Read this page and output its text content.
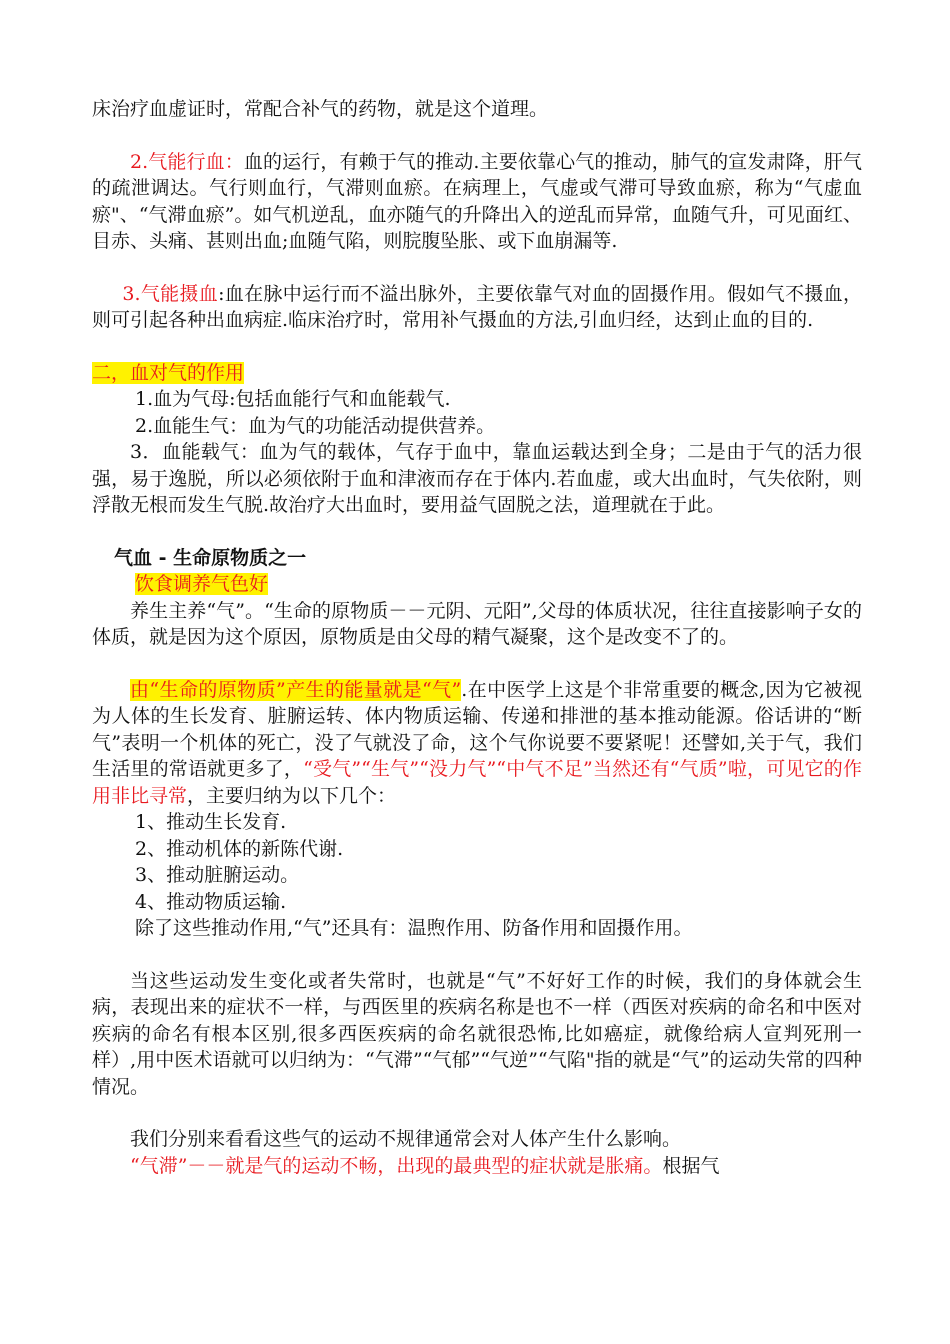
床治疗血虚证时，常配合补气的药物，就是这个道理。

2.气能行血：血的运行，有赖于气的推动.主要依靠心气的推动，肺气的宣发肃降，肝气的疏泄调达。气行则血行，气滞则血瘀。在病理上，气虚或气滞可导致血瘀，称为“气虚血瘀"、“气滞血瘀”。如气机逆乱，血亦随气的升降出入的逆乱而异常，血随气升，可见面红、目赤、头痛、甚则出血;血随气陷，则脘腹坠胀、或下血崩漏等.

3.气能摄血:血在脉中运行而不溢出脉外，主要依靠气对血的固摄作用。假如气不摄血，则可引起各种出血病症.临床治疗时，常用补气摄血的方法,引血归经，达到止血的目的.

二，血对气的作用

1.血为气母:包括血能行气和血能载气.

2.血能生气：血为气的功能活动提供营养。

3．血能载气：血为气的载体，气存于血中，靠血运载达到全身；二是由于气的活力很强，易于逸脱，所以必须依附于血和津液而存在于体内.若血虚，或大出血时，气失依附，则浮散无根而发生气脱.故治疗大出血时，要用益气固脱之法，道理就在于此。

气血 - 生命原物质之一

饮食调养气色好

养生主养“气”。“生命的原物质－－元阴、元阳”,父母的体质状况，往往直接影响子女的体质，就是因为这个原因，原物质是由父母的精气凝聚，这个是改变不了的。

由“生命的原物质”产生的能量就是“气”.在中医学上这是个非常重要的概念,因为它被视为人体的生长发育、脏腑运转、体内物质运输、传递和排泄的基本推动能源。俗话讲的“断气”表明一个机体的死亡，没了气就没了命，这个气你说要不要紧呢！还譬如,关于气，我们生活里的常语就更多了，“受气”“生气”“没力气”“中气不足”当然还有“气质”啦，可见它的作用非比寻常，主要归纳为以下几个：

1、推动生长发育.

2、推动机体的新陈代谢.

3、推动脏腑运动。

4、推动物质运输.

除了这些推动作用,“气”还具有：温煦作用、防备作用和固摄作用。

当这些运动发生变化或者失常时，也就是“气”不好好工作的时候，我们的身体就会生病，表现出来的症状不一样，与西医里的疾病名称是也不一样（西医对疾病的命名和中医对疾病的命名有根本区别,很多西医疾病的命名就很恐怖,比如癌症，就像给病人宣判死刑一样）,用中医术语就可以归纳为：“气滞”“气郁”“气逆”“气陷"指的就是“气”的运动失常的四种情况。

我们分别来看看这些气的运动不规律通常会对人体产生什么影响。

“气滞”－－就是气的运动不畅，出现的最典型的症状就是胀痛。根据气
